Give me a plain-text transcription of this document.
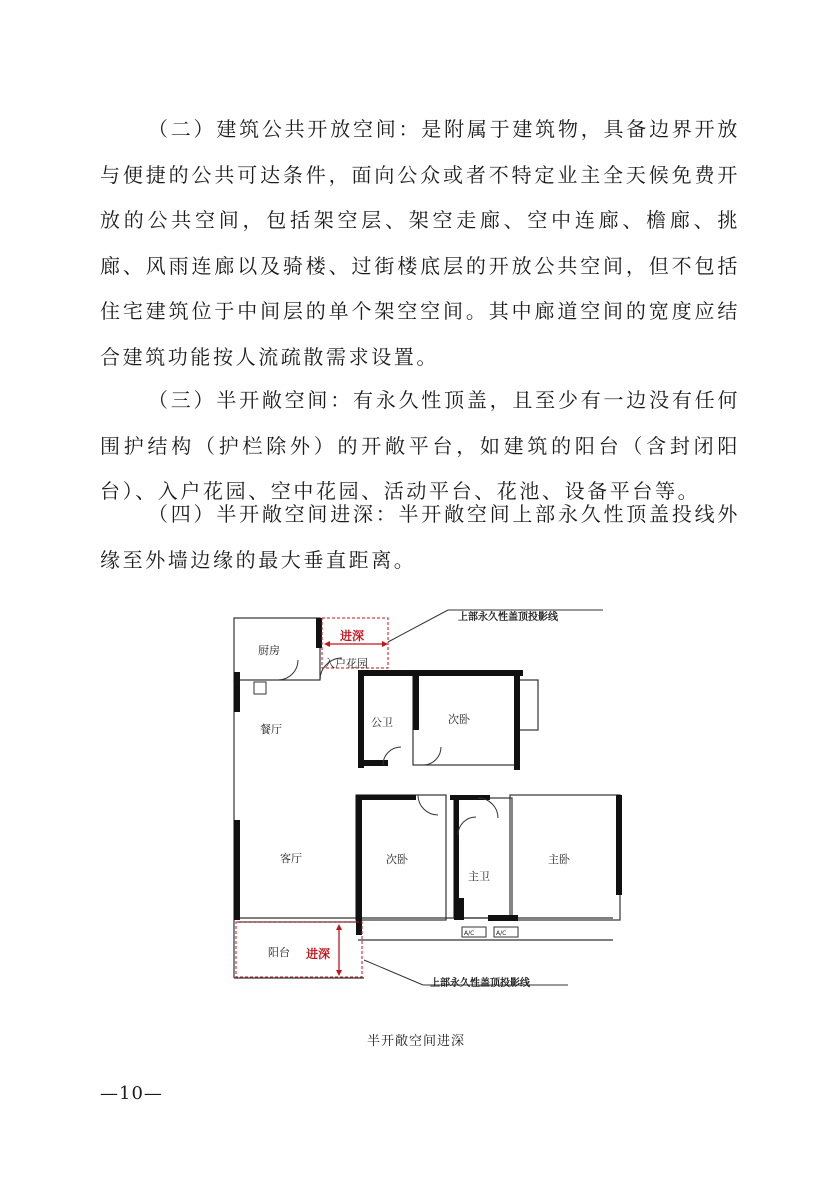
（二）建筑公共开放空间：是附属于建筑物，具备边界开放与便捷的公共可达条件，面向公众或者不特定业主全天候免费开放的公共空间，包括架空层、架空走廊、空中连廊、檐廊、挑廊、风雨连廊以及骑楼、过街楼底层的开放公共空间，但不包括住宅建筑位于中间层的单个架空空间。其中廊道空间的宽度应结合建筑功能按人流疏散需求设置。

（三）半开敞空间：有永久性顶盖，且至少有一边没有任何围护结构（护栏除外）的开敞平台，如建筑的阳台（含封闭阳台）、入户花园、空中花园、活动平台、花池、设备平台等。

（四）半开敞空间进深：半开敞空间上部永久性顶盖投线外缘至外墙边缘的最大垂直距离。

上部永久性盖顶投影线
进深
厨房
入户花园
餐厅
公卫	次卧
客厅	次卧
主卫
主卧
阳台 进深
A/C	A/C
上部永久性盖顶投影线
半开敞空间进深
—10—
